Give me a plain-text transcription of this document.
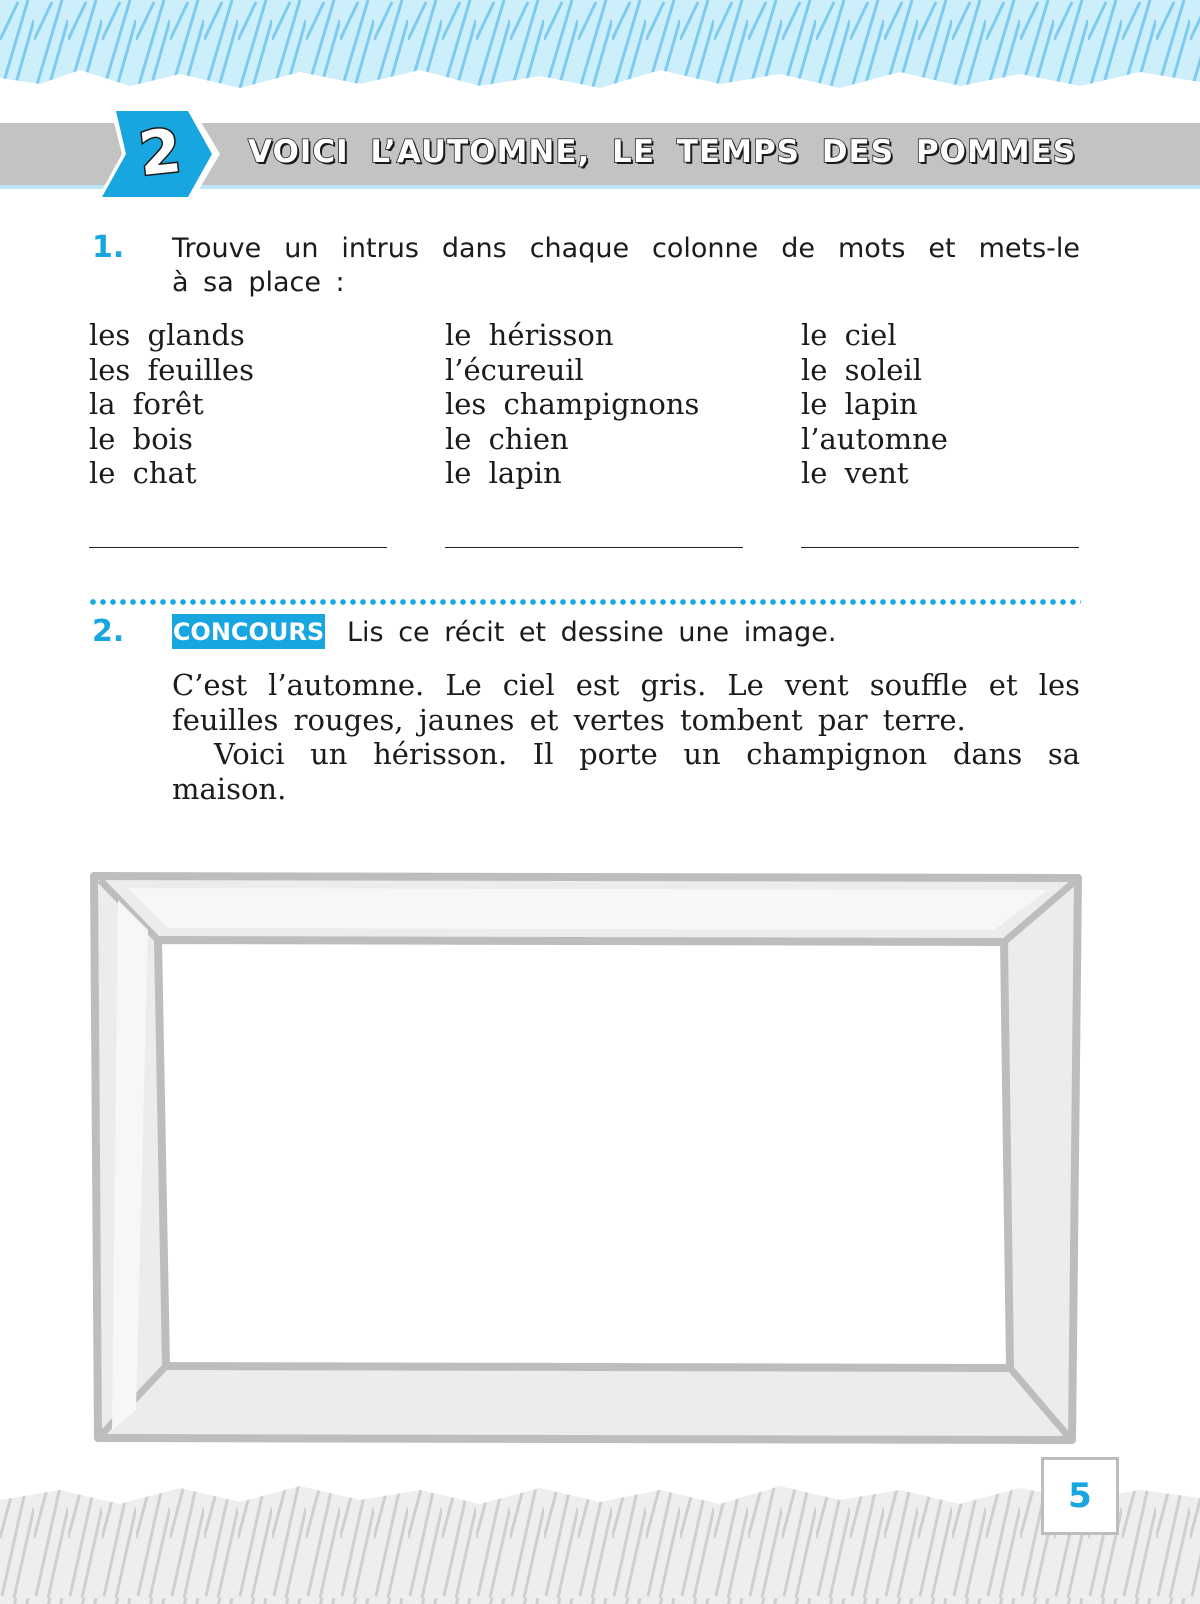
2 VOICI L’AUTOMNE, LE TEMPS DES POMMES
1. Trouve un intrus dans chaque colonne de mots et mets-le
à sa place :
les glands
les feuilles
la forêt
le bois
le chat
le hérisson
l’écureuil
les champignons
le chien
le lapin
le ciel
le soleil
le lapin
l’automne
le vent
2. CONCOURS Lis ce récit et dessine une image.

C’est l’automne. Le ciel est gris. Le vent souffle et les feuilles rouges, jaunes et vertes tombent par terre.

Voici un hérisson. Il porte un champignon dans sa maison.

5
